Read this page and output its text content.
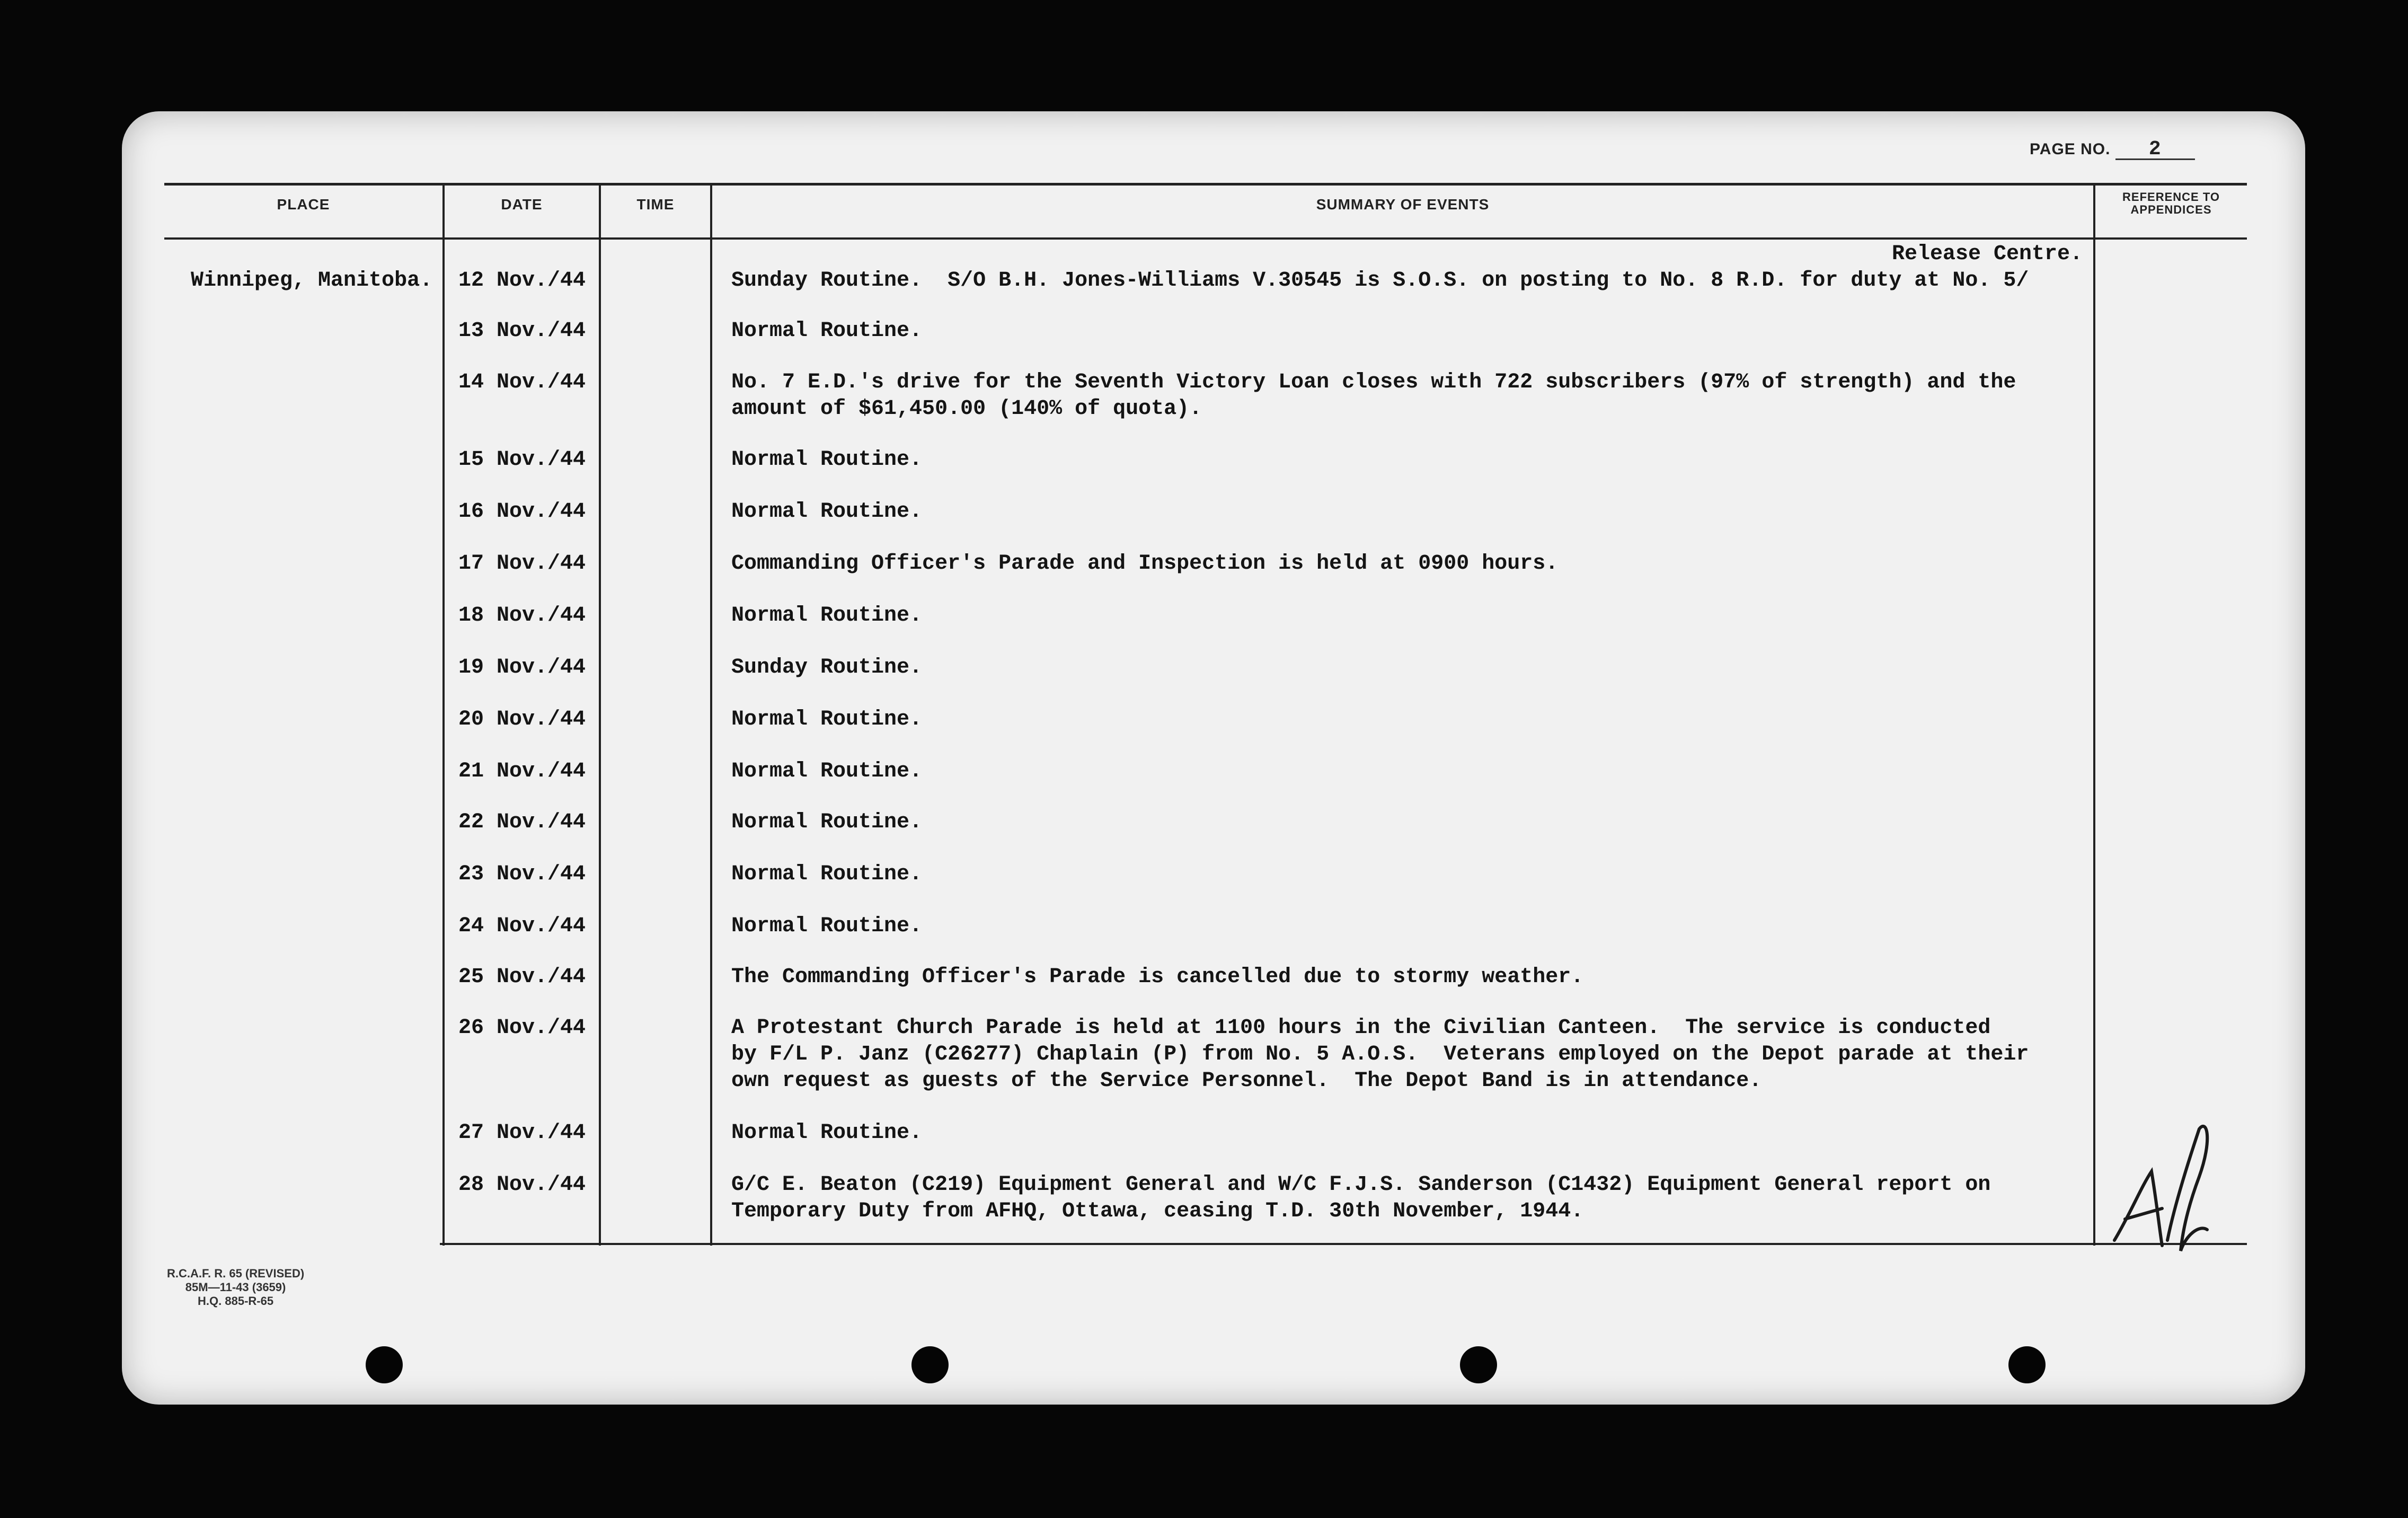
PAGE NO. 2
PLACE	DATE	TIME	SUMMARY OF EVENTS	REFERENCE TO
APPENDICES
Release Centre.
Winnipeg, Manitoba. 12 Nov./44	Sunday Routine.  S/O B.H. Jones-Williams V.30545 is S.O.S. on posting to No. 8 R.D. for duty at No. 5/
13 Nov./44	Normal Routine.
14 Nov./44	No. 7 E.D.'s drive for the Seventh Victory Loan closes with 722 subscribers (97% of strength) and the
amount of $61,450.00 (140% of quota).
15 Nov./44	Normal Routine.
16 Nov./44	Normal Routine.
17 Nov./44	Commanding Officer's Parade and Inspection is held at 0900 hours.
18 Nov./44	Normal Routine.
19 Nov./44	Sunday Routine.
20 Nov./44	Normal Routine.
21 Nov./44	Normal Routine.
22 Nov./44	Normal Routine.
23 Nov./44	Normal Routine.
24 Nov./44	Normal Routine.
25 Nov./44	The Commanding Officer's Parade is cancelled due to stormy weather.
26 Nov./44	A Protestant Church Parade is held at 1100 hours in the Civilian Canteen.  The service is conducted
by F/L P. Janz (C26277) Chaplain (P) from No. 5 A.O.S.  Veterans employed on the Depot parade at their
own request as guests of the Service Personnel.  The Depot Band is in attendance.
27 Nov./44	Normal Routine.
28 Nov./44	G/C E. Beaton (C219) Equipment General and W/C F.J.S. Sanderson (C1432) Equipment General report on
Temporary Duty from AFHQ, Ottawa, ceasing T.D. 30th November, 1944.
R.C.A.F. R. 65 (REVISED)
85M—11-43 (3659)
H.Q. 885-R-65
